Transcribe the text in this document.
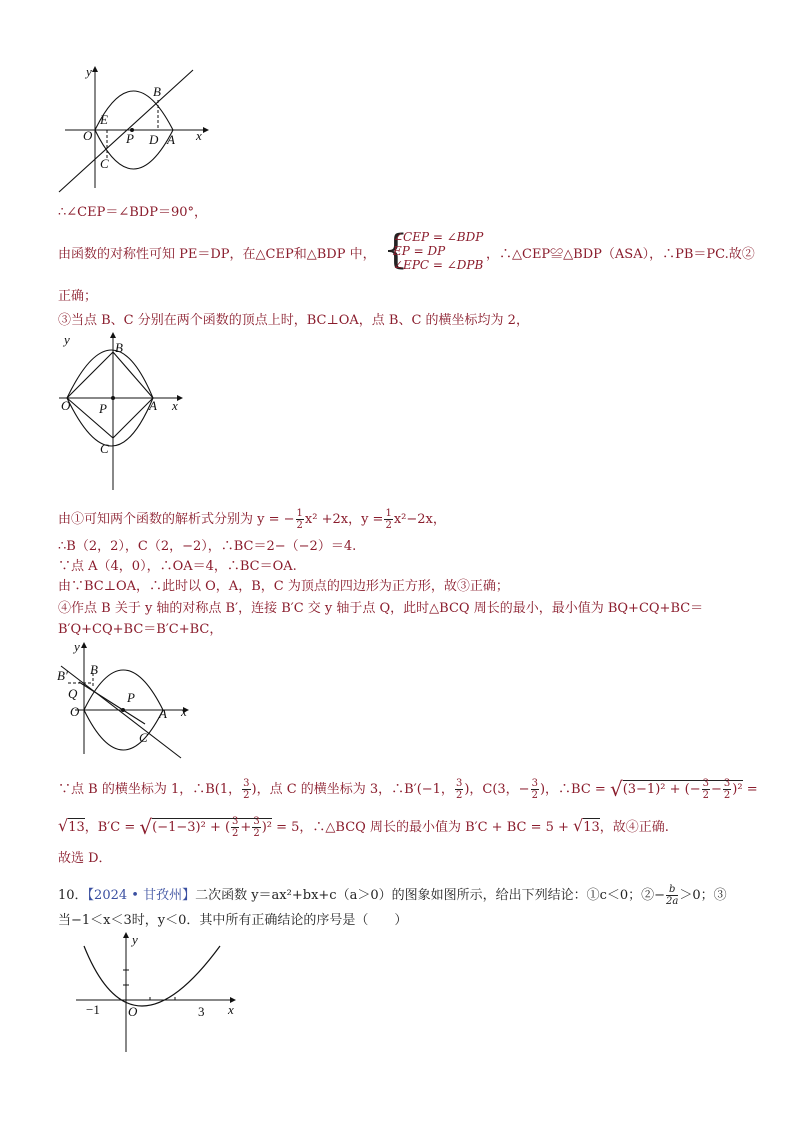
y
x
B
E
O	P D A
C
∴∠CEP＝∠BDP＝90°，
由函数的对称性可知 PE＝DP，在△CEP和△BDP 中， {
∠CEP = ∠BDP
EP = DP
∠EPC = ∠DPB
，∴△CEP≌△BDP（ASA），∴PB＝PC.故②
正确；
③当点 B、C 分别在两个函数的顶点上时，BC⊥OA，点 B、C 的横坐标均为 2，
y
x
B
O P	A
C
由①可知两个函数的解析式分别为 y = − $\frac{1}{2} x^2 +2x$，$y = \frac{1}{2} x^2-2x$，
∴B（2，2），C（2，−2），∴BC＝2−（−2）＝4.
∵点 A（4，0），∴OA＝4，∴BC＝OA.
由∵BC⊥OA，∴此时以 O，A，B，C 为顶点的四边形为正方形，故③正确；
④作点 B 关于 y 轴的对称点 B′，连接 B′C 交 y 轴于点 Q，此时△BCQ 周长的最小，最小值为 BQ+CQ+BC＝
B′Q+CQ+BC＝B′C+BC，
y
x
B′ B
Q
O
P
A
C
∵点 B 的横坐标为 1，∴B(1， $\frac{3}{2}$ )，点 C 的横坐标为 3，∴B′(−1， $\frac{3}{2}$ )，C(3，− $\frac{3}{2}$ )，∴BC = √(3−1)² + (− $\frac{3}{2} - \frac{3}{2} )^2$ =
√13，B′C = √(−1−3)² + ( $\frac{3}{2} + \frac{3}{2} )^2 = 5$，∴△BCQ 周长的最小值为 B′C + BC = 5 + √13，故④正确.
故选 D．
10．【2024 • 甘孜州】二次函数 y＝ax²+bx+c（a＞0）的图象如图所示，给出下列结论：①c＜0；②− $\frac{b}{2a} >0$；③
当−1＜x＜3时，y＜0．其中所有正确结论的序号是（　　）
y
x
−1 O	3
